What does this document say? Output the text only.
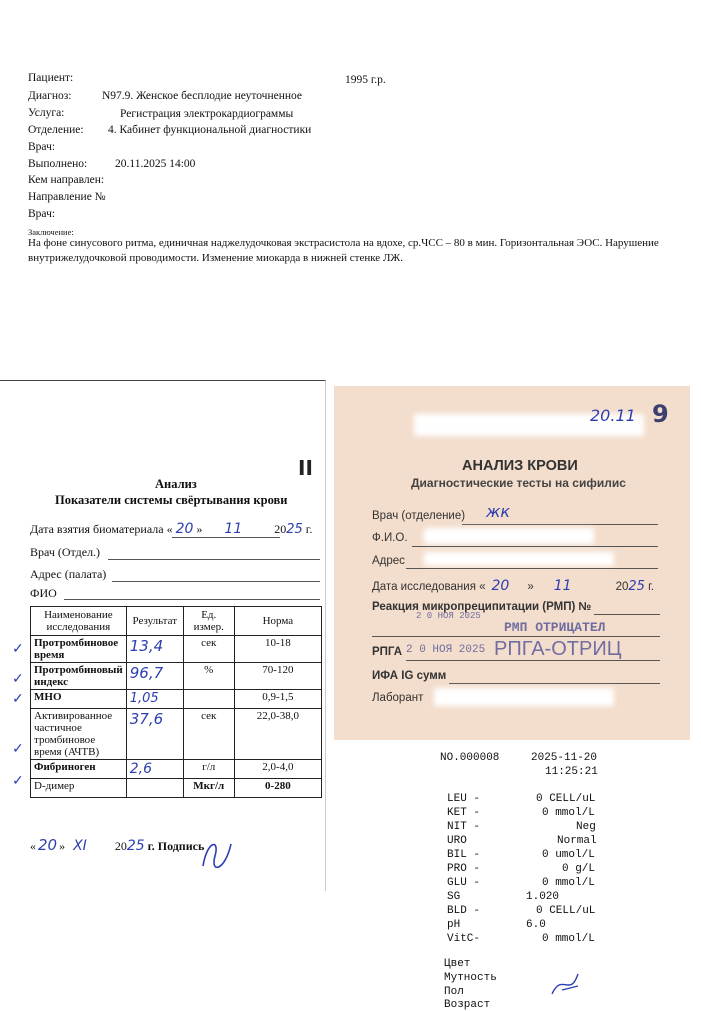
Пациент:	1995 г.р.
Диагноз:	N97.9. Женское бесплодие неуточненное
Услуга:	Регистрация электрокардиограммы
Отделение: 4. Кабинет функциональной диагностики
Врач:
Выполнено: 20.11.2025 14:00
Кем направлен:
Направление №
Врач:
Заключение:
На фоне синусового ритма, единичная наджелудочковая экстрасистола на вдохе, ср.ЧСС – 80 в мин. Горизонтальная ЭОС. Нарушение внутрижелудочковой проводимости. Изменение миокарда в нижней стенке ЛЖ.
II
Анализ
Показатели системы свёртывания крови
Дата взятия биоматериала « 20 » 11	2025 г.
Врач (Отдел.)
Адрес (палата)
ФИО
Наименование исследования	Результат	Ед. измер.	Норма
Протромбиновое время	13,4	сек	10-18
Протромбиновый индекс	96,7	%	70-120
МНО	1,05		0,9-1,5
Активированное частичное тромбиновое время (АЧТВ)	37,6	сек	22,0-38,0
Фибриноген	2,6	г/л	2,0-4,0
D-димер		Мкг/л	0-280
✓
✓
✓
✓
✓
« 20 » XI 2025 г. Подпись
20.11 9
АНАЛИЗ КРОВИ
Диагностические тесты на сифилис
Врач (отделение) жк
Ф.И.О.
Адрес
Дата исследования « 20 » 11	2025 г.
Реакция микропреципитации (РМП) №
2 0 НОЯ 2025
РМП ОТРИЦАТЕЛ
РПГА 2 0 НОЯ 2025 РПГА-ОТРИЦ
ИФА IG сумм
Лаборант
NO.000008	2025-11-20
11:25:21
LEU -	0 CELL/uL
KET -	0 mmol/L
NIT -	Neg
URO	Normal
BIL -	0 umol/L
PRO -	0 g/L
GLU -	0 mmol/L
SG	1.020
BLD -	0 CELL/uL
pH	6.0
VitC-	0 mmol/L
Цвет
Мутность
Пол
Возраст
